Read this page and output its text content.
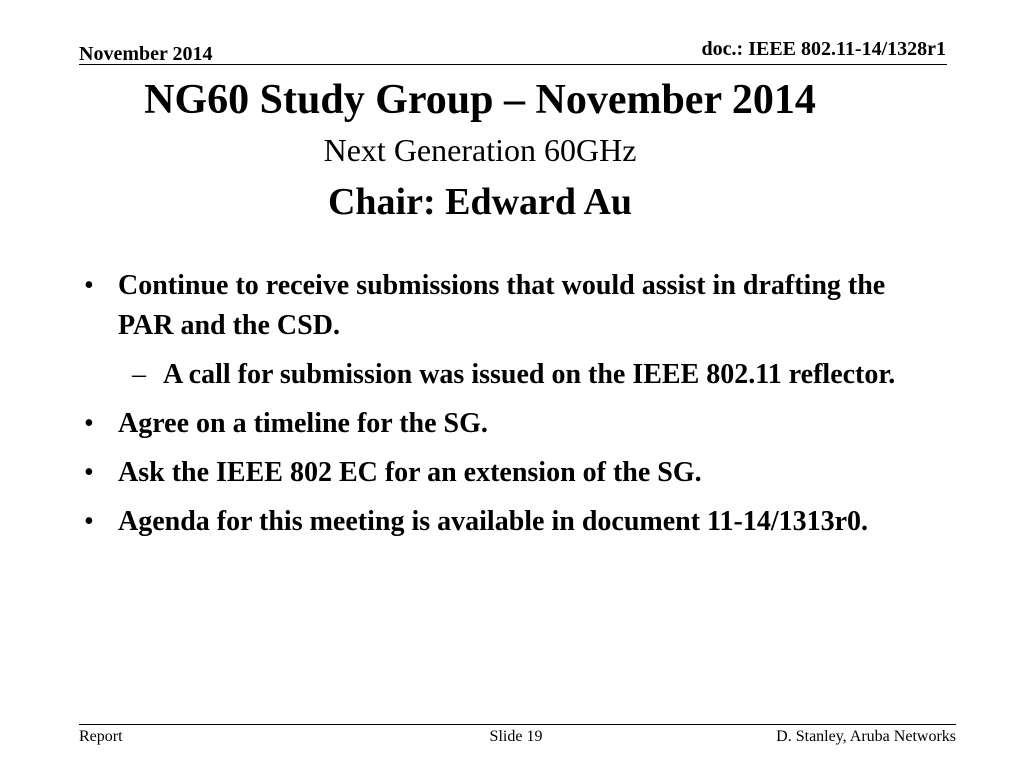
November 2014	doc.: IEEE 802.11-14/1328r1
NG60 Study Group – November 2014
Next Generation 60GHz
Chair: Edward Au
• Continue to receive submissions that would assist in drafting the PAR and the CSD.
– A call for submission was issued on the IEEE 802.11 reflector.
• Agree on a timeline for the SG.
• Ask the IEEE 802 EC for an extension of the SG.
• Agenda for this meeting is available in document 11-14/1313r0.
Report	Slide 19	D. Stanley, Aruba Networks
